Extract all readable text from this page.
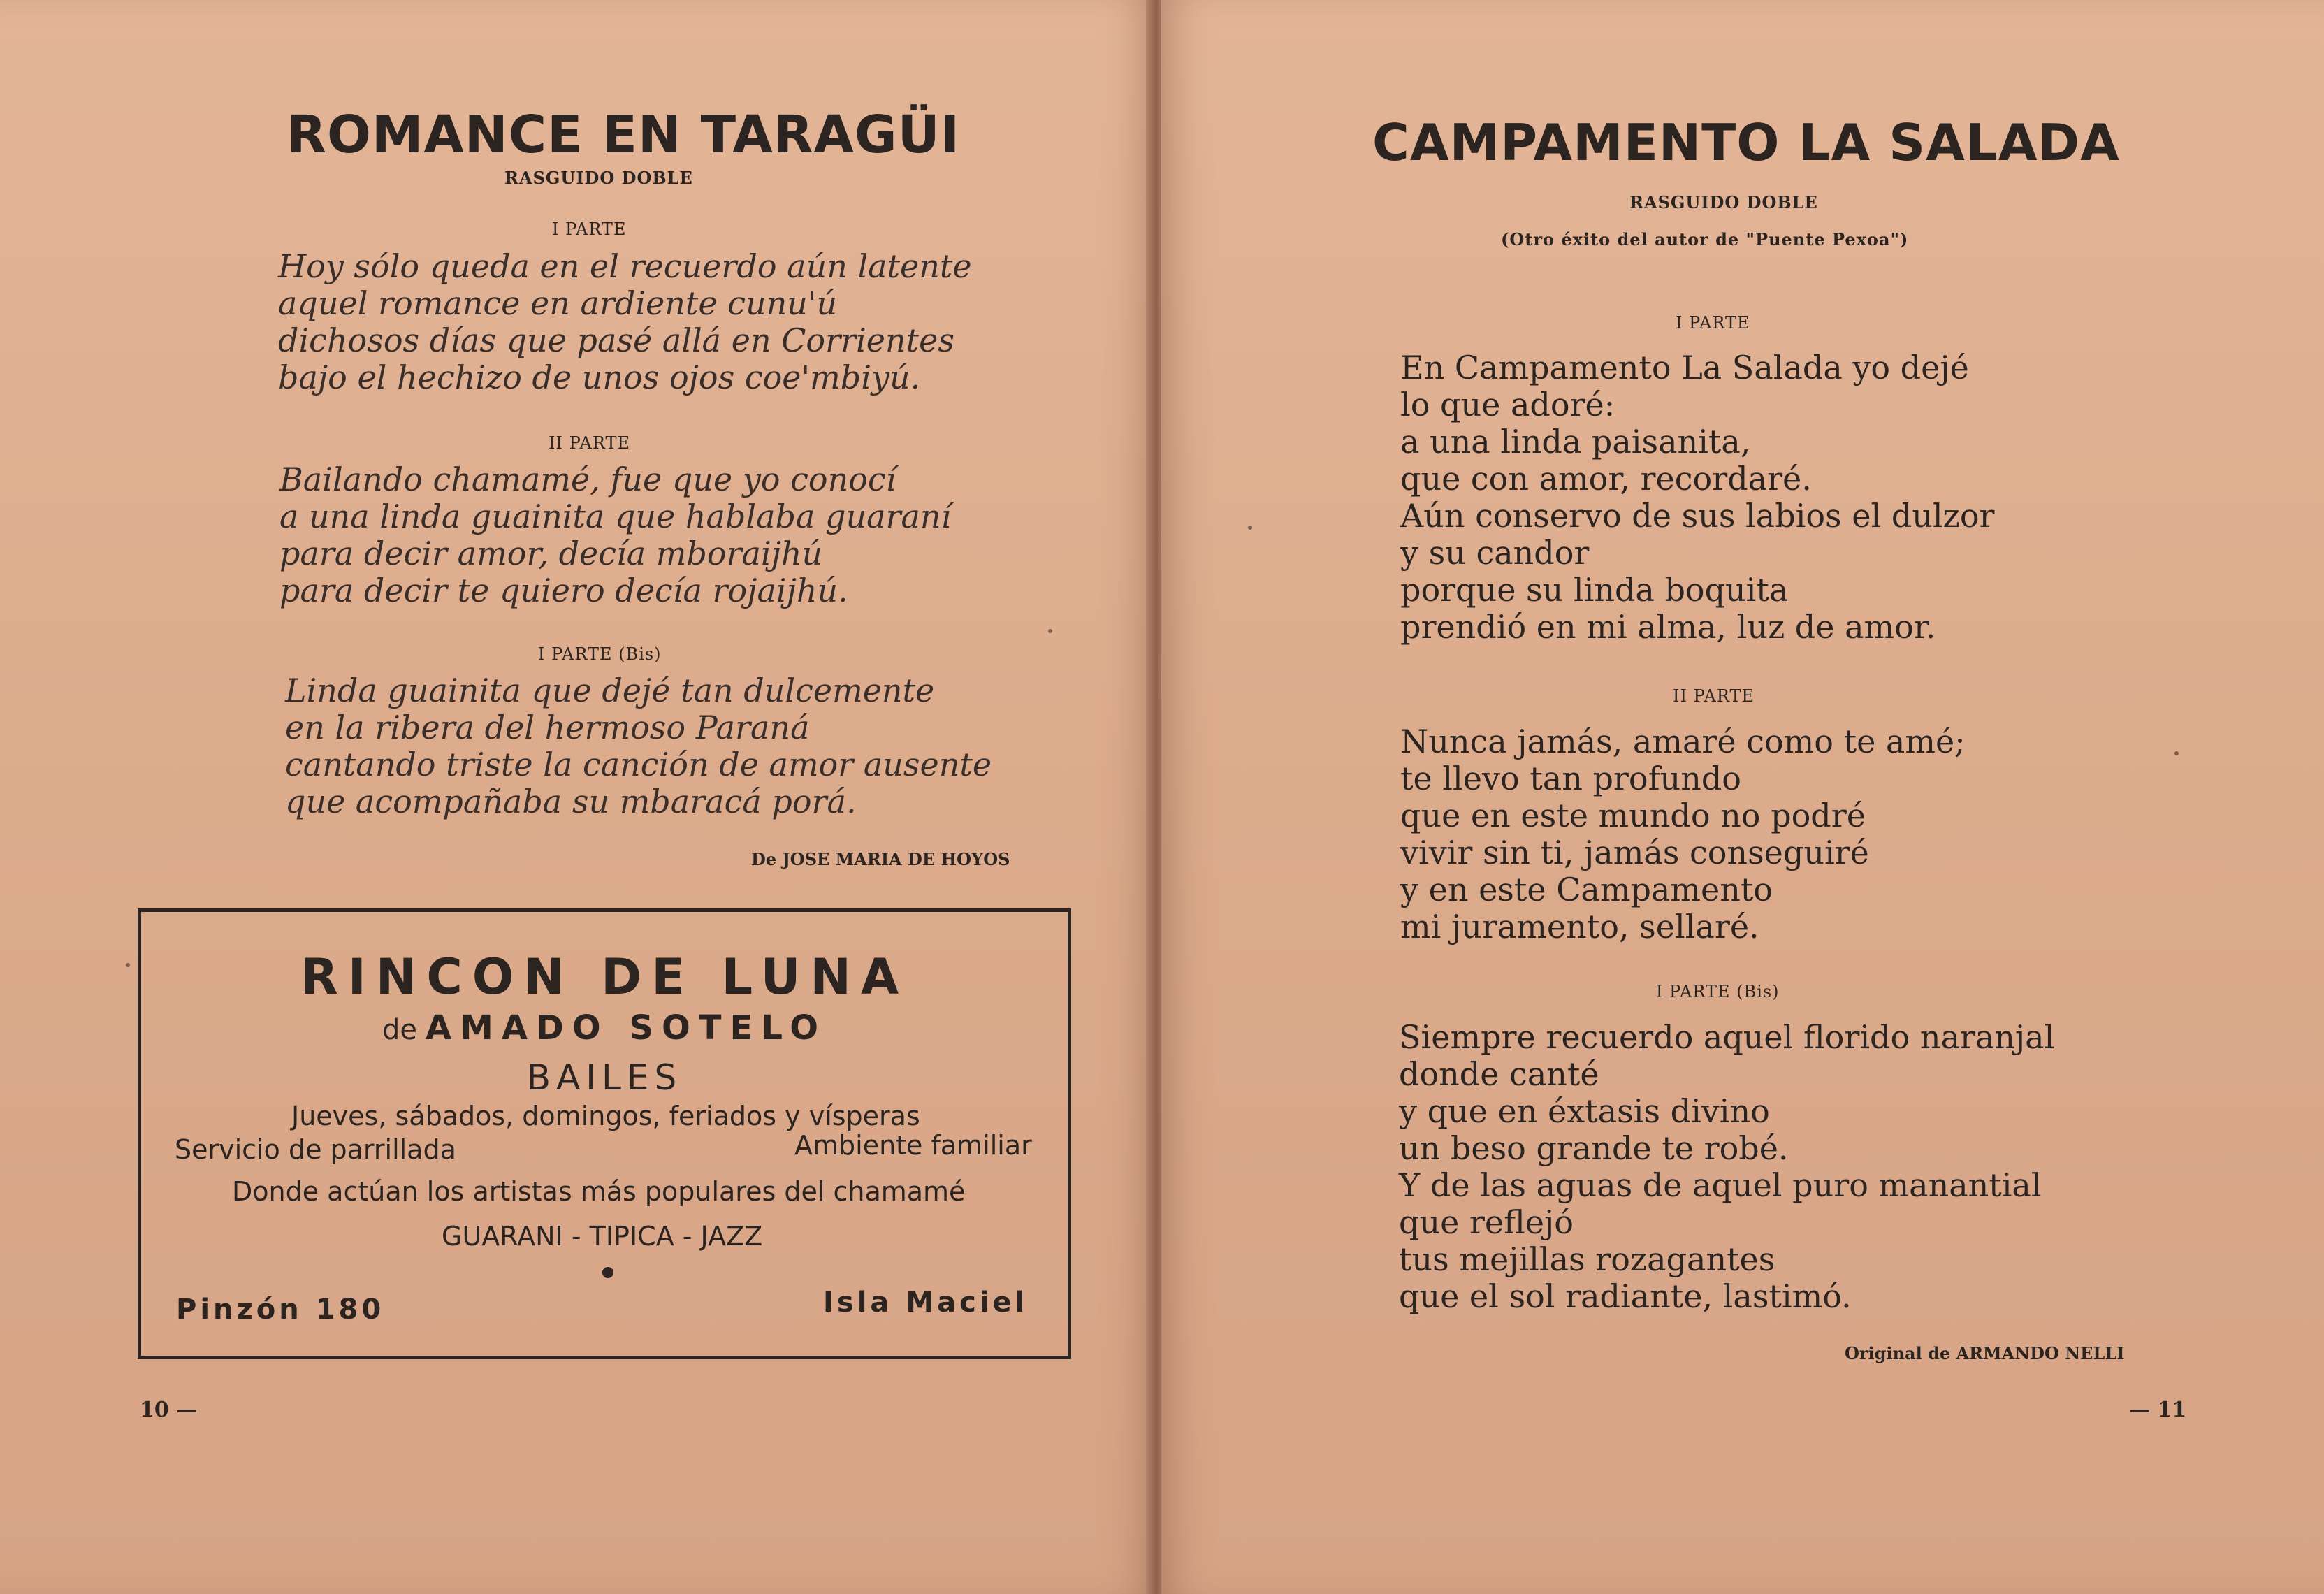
ROMANCE EN TARAGÜI
RASGUIDO DOBLE
I PARTE
Hoy sólo queda en el recuerdo aún latente
aquel romance en ardiente cunu'ú
dichosos días que pasé allá en Corrientes
bajo el hechizo de unos ojos coe'mbiyú.
II PARTE
Bailando chamamé, fue que yo conocí
a una linda guainita que hablaba guaraní
para decir amor, decía mboraijhú
para decir te quiero decía rojaijhú.
I PARTE (Bis)
Linda guainita que dejé tan dulcemente
en la ribera del hermoso Paraná
cantando triste la canción de amor ausente
que acompañaba su mbaracá porá.
De JOSE MARIA DE HOYOS
RINCON DE LUNA
de AMADO SOTELO
BAILES
Jueves, sábados, domingos, feriados y vísperas
Servicio de parrillada	Ambiente familiar
Donde actúan los artistas más populares del chamamé
GUARANI - TIPICA - JAZZ
Pinzón 180	Isla Maciel
10 —
CAMPAMENTO LA SALADA
RASGUIDO DOBLE
(Otro éxito del autor de "Puente Pexoa")
I PARTE
En Campamento La Salada yo dejé
lo que adoré:
a una linda paisanita,
que con amor, recordaré.
Aún conservo de sus labios el dulzor
y su candor
porque su linda boquita
prendió en mi alma, luz de amor.
II PARTE
Nunca jamás, amaré como te amé;
te llevo tan profundo
que en este mundo no podré
vivir sin ti, jamás conseguiré
y en este Campamento
mi juramento, sellaré.
I PARTE (Bis)
Siempre recuerdo aquel florido naranjal
donde canté
y que en éxtasis divino
un beso grande te robé.
Y de las aguas de aquel puro manantial
que reflejó
tus mejillas rozagantes
que el sol radiante, lastimó.
Original de ARMANDO NELLI
— 11
